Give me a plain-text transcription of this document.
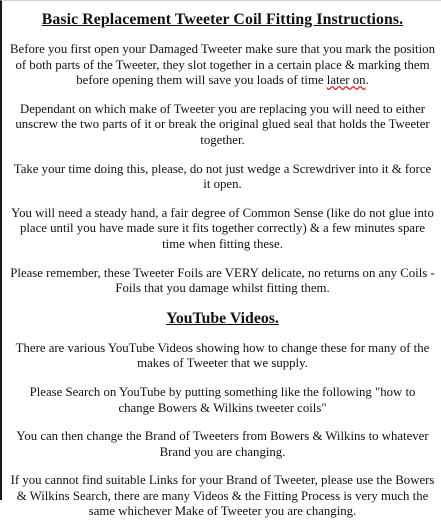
Basic Replacement Tweeter Coil Fitting Instructions.

Before you first open your Damaged Tweeter make sure that you mark the position of both parts of the Tweeter, they slot together in a certain place & marking them before opening them will save you loads of time later on.

Dependant on which make of Tweeter you are replacing you will need to either unscrew the two parts of it or break the original glued seal that holds the Tweeter together.

Take your time doing this, please, do not just wedge a Screwdriver into it & force it open.

You will need a steady hand, a fair degree of Common Sense (like do not glue into place until you have made sure it fits together correctly) & a few minutes spare time when fitting these.

Please remember, these Tweeter Foils are VERY delicate, no returns on any Coils - Foils that you damage whilst fitting them.

YouTube Videos.

There are various YouTube Videos showing how to change these for many of the makes of Tweeter that we supply.

Please Search on YouTube by putting something like the following "how to change Bowers & Wilkins tweeter coils"

You can then change the Brand of Tweeters from Bowers & Wilkins to whatever Brand you are changing.

If you cannot find suitable Links for your Brand of Tweeter, please use the Bowers & Wilkins Search, there are many Videos & the Fitting Process is very much the same whichever Make of Tweeter you are changing.
